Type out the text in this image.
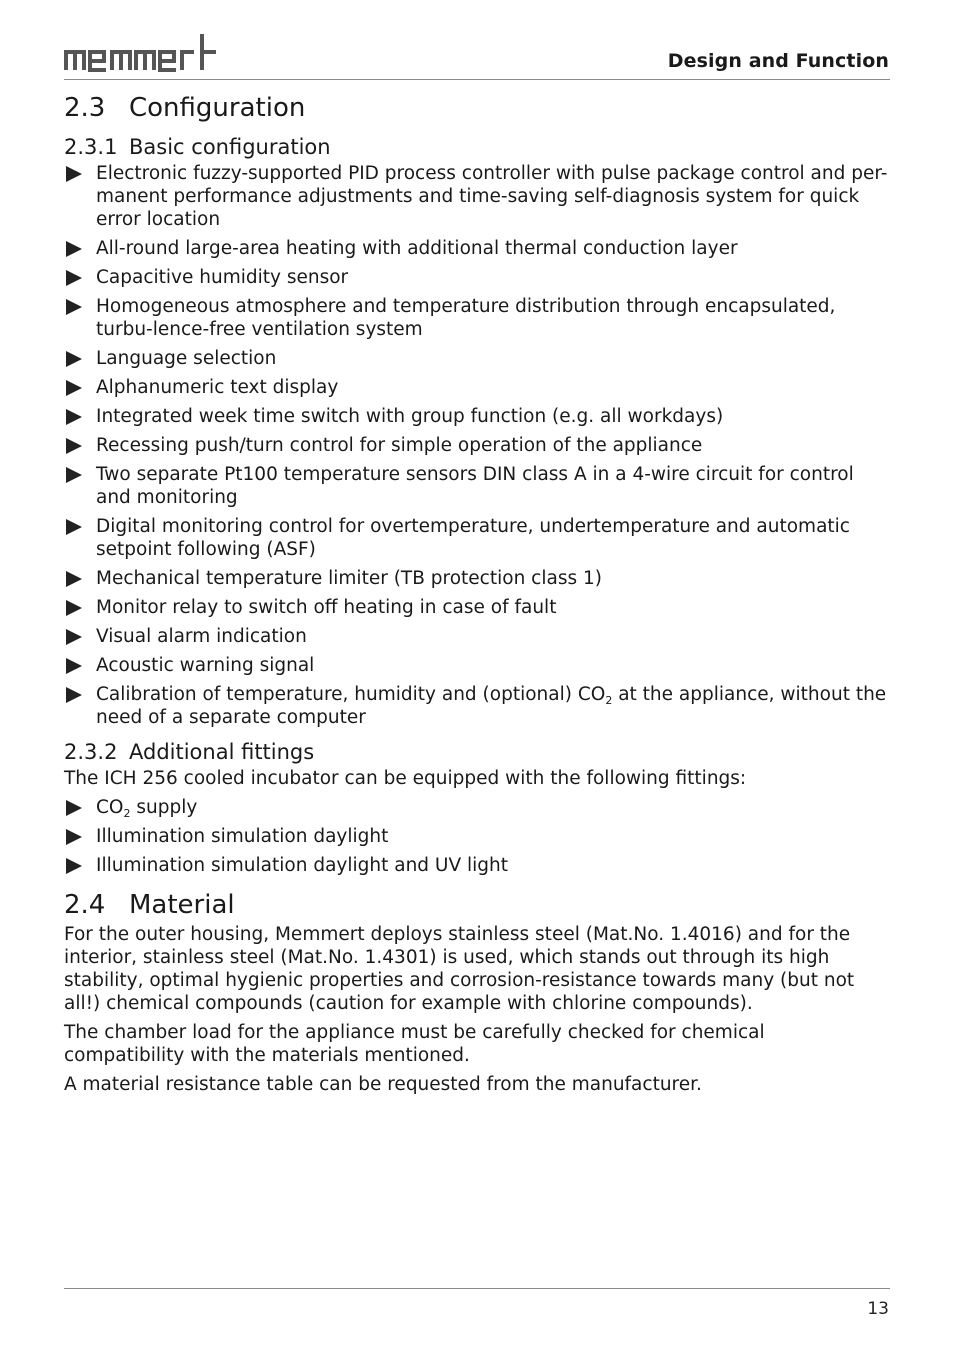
Design and Function
2.3 Configuration
2.3.1 Basic configuration
Electronic fuzzy-supported PID process controller with pulse package control and per-manent performance adjustments and time-saving self-diagnosis system for quick error location
All-round large-area heating with additional thermal conduction layer
Capacitive humidity sensor
Homogeneous atmosphere and temperature distribution through encapsulated, turbu-lence-free ventilation system
Language selection
Alphanumeric text display
Integrated week time switch with group function (e.g. all workdays)
Recessing push/turn control for simple operation of the appliance
Two separate Pt100 temperature sensors DIN class A in a 4-wire circuit for control and monitoring
Digital monitoring control for overtemperature, undertemperature and automatic setpoint following (ASF)
Mechanical temperature limiter (TB protection class 1)
Monitor relay to switch off heating in case of fault
Visual alarm indication
Acoustic warning signal
Calibration of temperature, humidity and (optional) $CO_2$ at the appliance, without the need of a separate computer
2.3.2 Additional fittings

The ICH 256 cooled incubator can be equipped with the following fittings:

$CO_2$ supply
Illumination simulation daylight
Illumination simulation daylight and UV light
2.4 Material

For the outer housing, Memmert deploys stainless steel (Mat.No. 1.4016) and for the interior, stainless steel (Mat.No. 1.4301) is used, which stands out through its high stability, optimal hygienic properties and corrosion-resistance towards many (but not all!) chemical compounds (caution for example with chlorine compounds).

The chamber load for the appliance must be carefully checked for chemical compatibility with the materials mentioned.

A material resistance table can be requested from the manufacturer.

13
